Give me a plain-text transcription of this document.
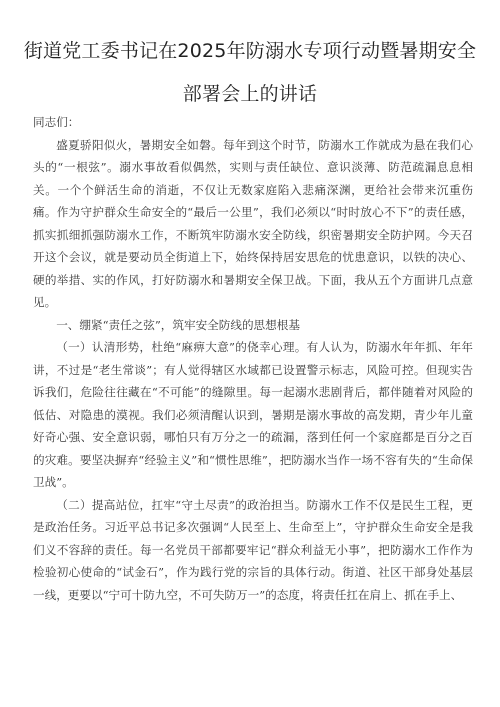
街道党工委书记在2025年防溺水专项行动暨暑期安全
部署会上的讲话

同志们：

盛夏骄阳似火，暑期安全如磐。每年到这个时节，防溺水工作就成为悬在我们心头的“一根弦”。溺水事故看似偶然，实则与责任缺位、意识淡薄、防范疏漏息息相关。一个个鲜活生命的消逝，不仅让无数家庭陷入悲痛深渊，更给社会带来沉重伤痛。作为守护群众生命安全的“最后一公里”，我们必须以“时时放心不下”的责任感，抓实抓细抓强防溺水工作，不断筑牢防溺水安全防线，织密暑期安全防护网。今天召开这个会议，就是要动员全街道上下，始终保持居安思危的忧患意识，以铁的决心、硬的举措、实的作风，打好防溺水和暑期安全保卫战。下面，我从五个方面讲几点意见。

一、绷紧“责任之弦”，筑牢安全防线的思想根基

（一）认清形势，杜绝“麻痹大意”的侥幸心理。有人认为，防溺水年年抓、年年讲，不过是“老生常谈”；有人觉得辖区水域都已设置警示标志，风险可控。但现实告诉我们，危险往往藏在“不可能”的缝隙里。每一起溺水悲剧背后，都伴随着对风险的低估、对隐患的漠视。我们必须清醒认识到，暑期是溺水事故的高发期，青少年儿童好奇心强、安全意识弱，哪怕只有万分之一的疏漏，落到任何一个家庭都是百分之百的灾难。要坚决摒弃“经验主义”和“惯性思维”，把防溺水当作一场不容有失的“生命保卫战”。

（二）提高站位，扛牢“守土尽责”的政治担当。防溺水工作不仅是民生工程，更是政治任务。习近平总书记多次强调“人民至上、生命至上”，守护群众生命安全是我们义不容辞的责任。每一名党员干部都要牢记“群众利益无小事”，把防溺水工作作为检验初心使命的“试金石”，作为践行党的宗旨的具体行动。街道、社区干部身处基层一线，更要以“宁可十防九空，不可失防万一”的态度，将责任扛在肩上、抓在手上、
